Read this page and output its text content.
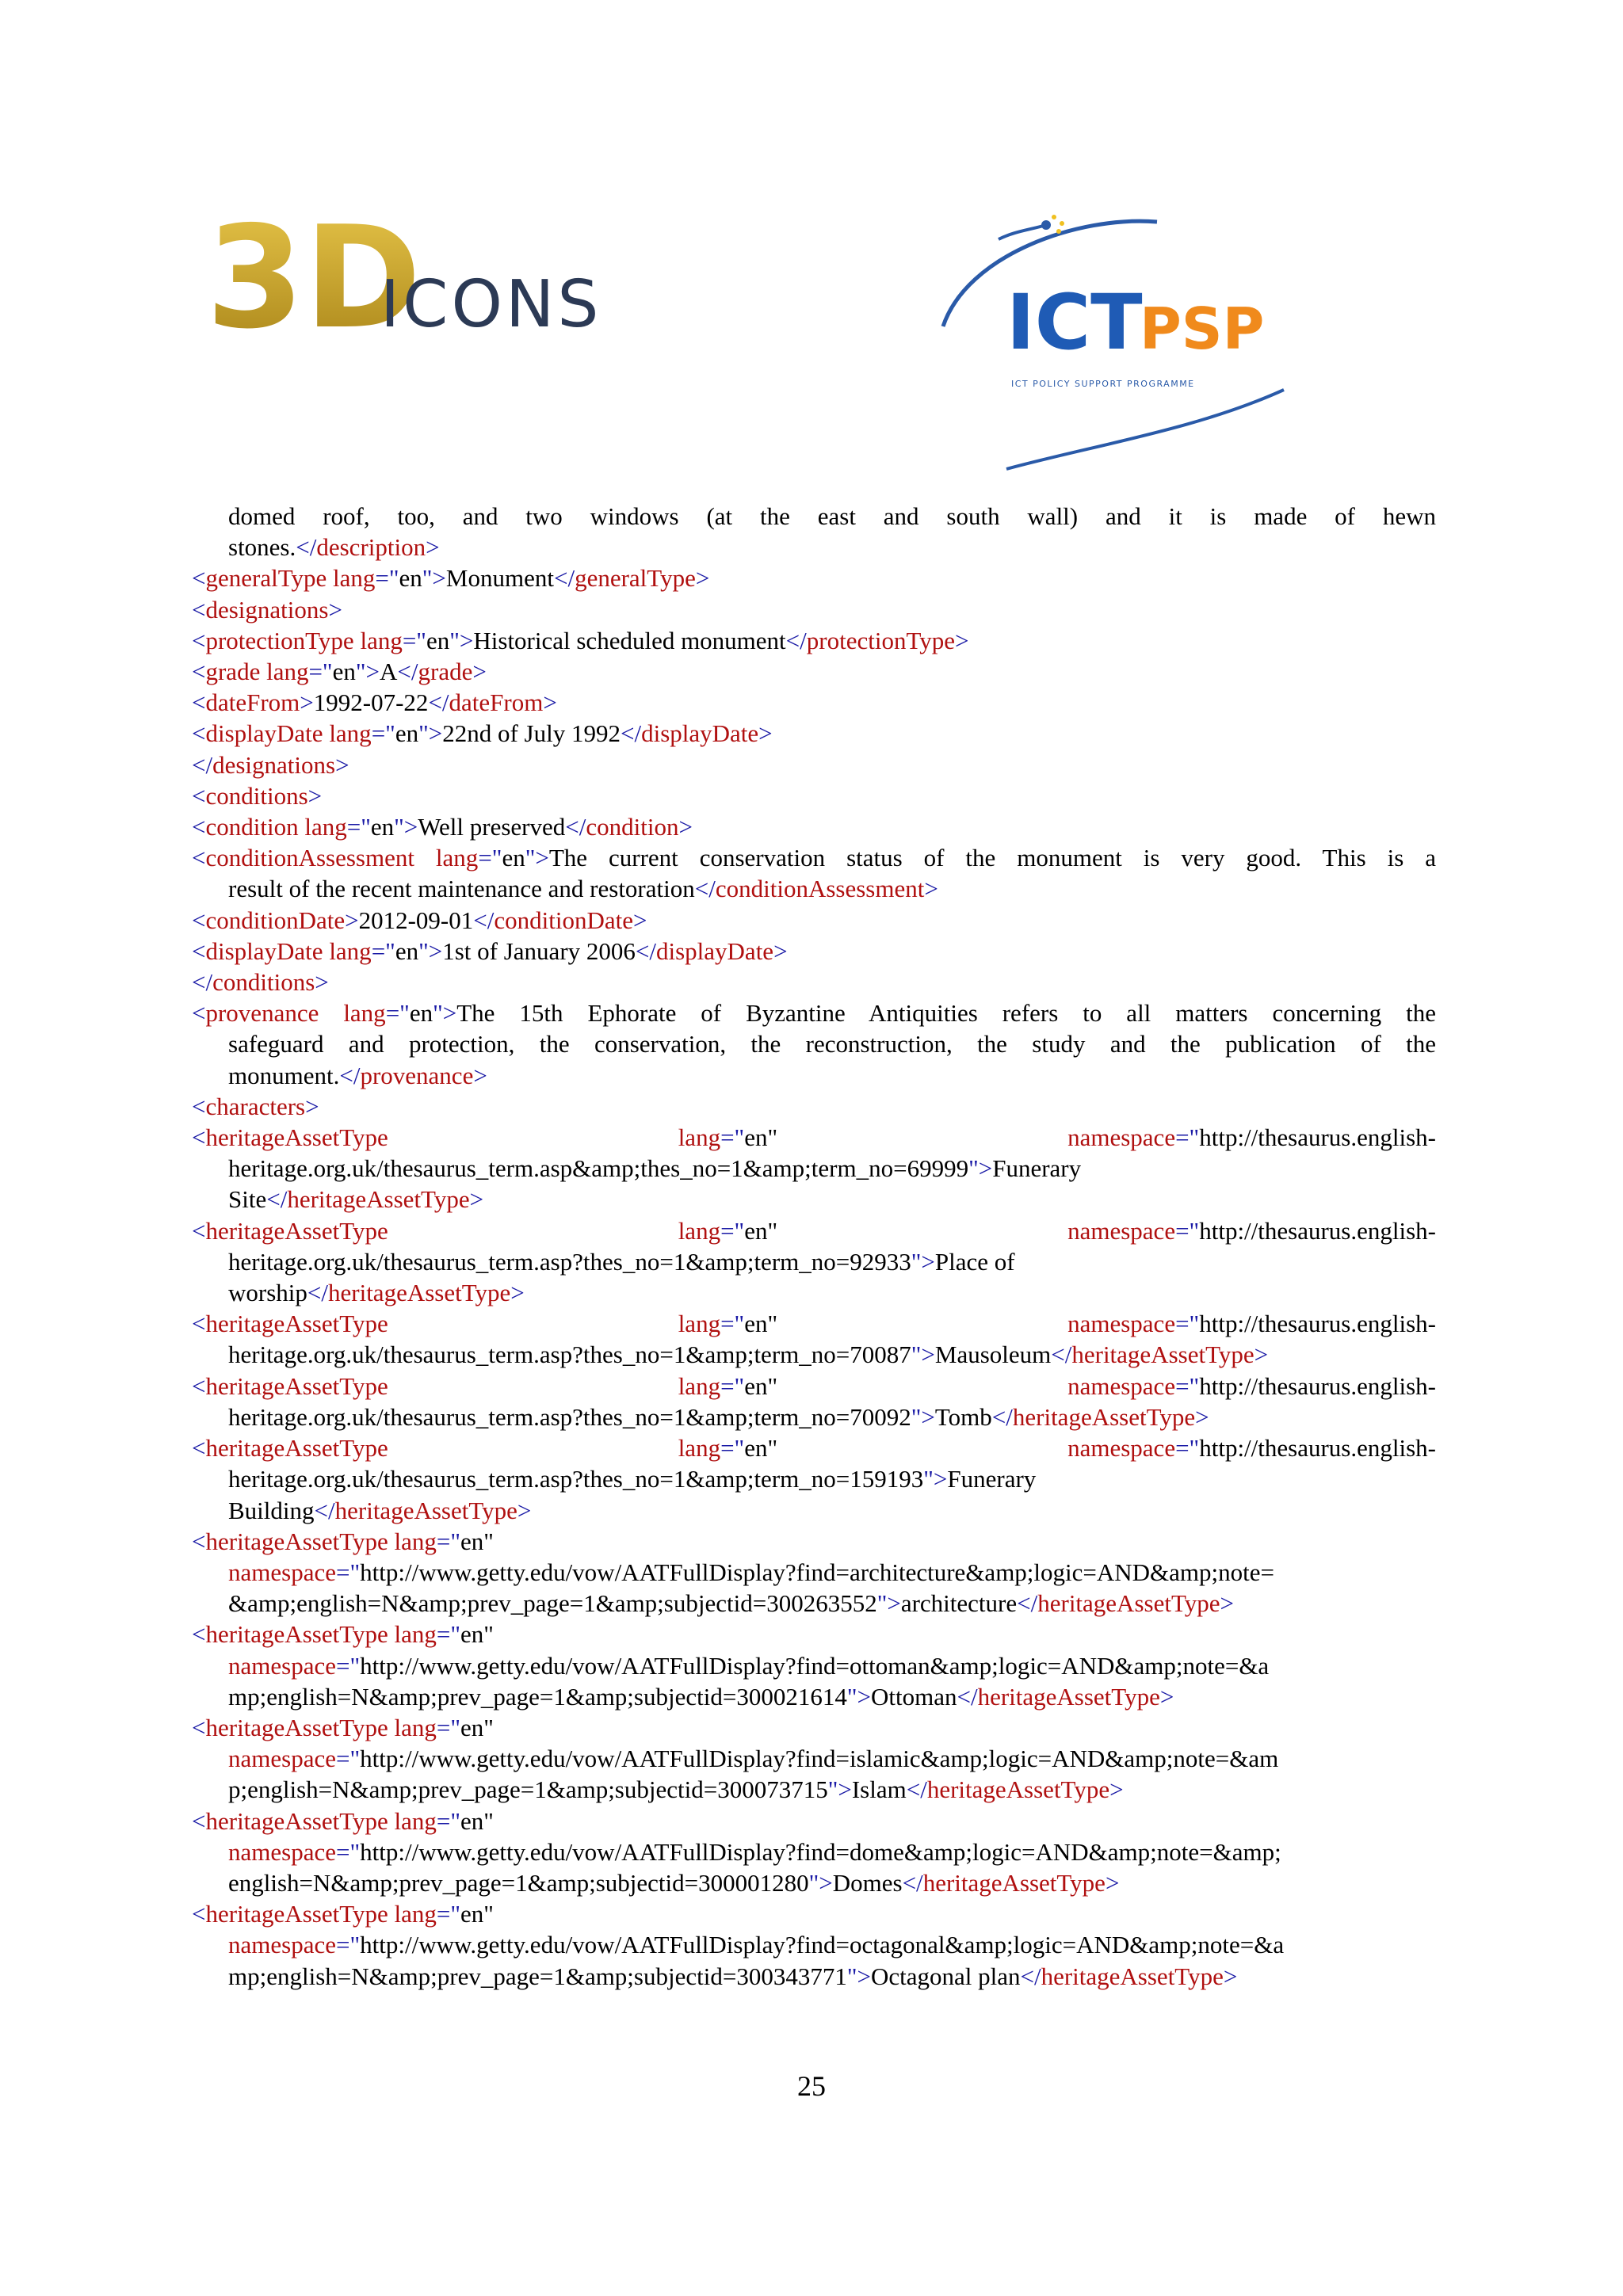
3D
ICONS	ICT
PSP
ICT POLICY SUPPORT PROGRAMME
domed roof, too, and two windows (at the east and south wall) and it is made of hewn
stones.</description>
<generalType lang="en">Monument</generalType>
<designations>
<protectionType lang="en">Historical scheduled monument</protectionType>
<grade lang="en">A</grade>
<dateFrom>1992-07-22</dateFrom>
<displayDate lang="en">22nd of July 1992</displayDate>
</designations>
<conditions>
<condition lang="en">Well preserved</condition>
<conditionAssessment lang="en">The current conservation status of the monument is very good. This is a
result of the recent maintenance and restoration</conditionAssessment>
<conditionDate>2012-09-01</conditionDate>
<displayDate lang="en">1st of January 2006</displayDate>
</conditions>
<provenance lang="en">The 15th Ephorate of Byzantine Antiquities refers to all matters concerning the
safeguard and protection, the conservation, the reconstruction, the study and the publication of the
monument.</provenance>
<characters>
<heritageAssetType lang="en" namespace="http://thesaurus.english-
heritage.org.uk/thesaurus_term.asp&amp;thes_no=1&amp;term_no=69999">Funerary
Site</heritageAssetType>
<heritageAssetType lang="en" namespace="http://thesaurus.english-
heritage.org.uk/thesaurus_term.asp?thes_no=1&amp;term_no=92933">Place of
worship</heritageAssetType>
<heritageAssetType lang="en" namespace="http://thesaurus.english-
heritage.org.uk/thesaurus_term.asp?thes_no=1&amp;term_no=70087">Mausoleum</heritageAssetType>
<heritageAssetType lang="en" namespace="http://thesaurus.english-
heritage.org.uk/thesaurus_term.asp?thes_no=1&amp;term_no=70092">Tomb</heritageAssetType>
<heritageAssetType lang="en" namespace="http://thesaurus.english-
heritage.org.uk/thesaurus_term.asp?thes_no=1&amp;term_no=159193">Funerary
Building</heritageAssetType>
<heritageAssetType lang="en"
namespace="http://www.getty.edu/vow/AATFullDisplay?find=architecture&amp;logic=AND&amp;note=
&amp;english=N&amp;prev_page=1&amp;subjectid=300263552">architecture</heritageAssetType>
<heritageAssetType lang="en"
namespace="http://www.getty.edu/vow/AATFullDisplay?find=ottoman&amp;logic=AND&amp;note=&a
mp;english=N&amp;prev_page=1&amp;subjectid=300021614">Ottoman</heritageAssetType>
<heritageAssetType lang="en"
namespace="http://www.getty.edu/vow/AATFullDisplay?find=islamic&amp;logic=AND&amp;note=&am
p;english=N&amp;prev_page=1&amp;subjectid=300073715">Islam</heritageAssetType>
<heritageAssetType lang="en"
namespace="http://www.getty.edu/vow/AATFullDisplay?find=dome&amp;logic=AND&amp;note=&amp;
english=N&amp;prev_page=1&amp;subjectid=300001280">Domes</heritageAssetType>
<heritageAssetType lang="en"
namespace="http://www.getty.edu/vow/AATFullDisplay?find=octagonal&amp;logic=AND&amp;note=&a
mp;english=N&amp;prev_page=1&amp;subjectid=300343771">Octagonal plan</heritageAssetType>
25
